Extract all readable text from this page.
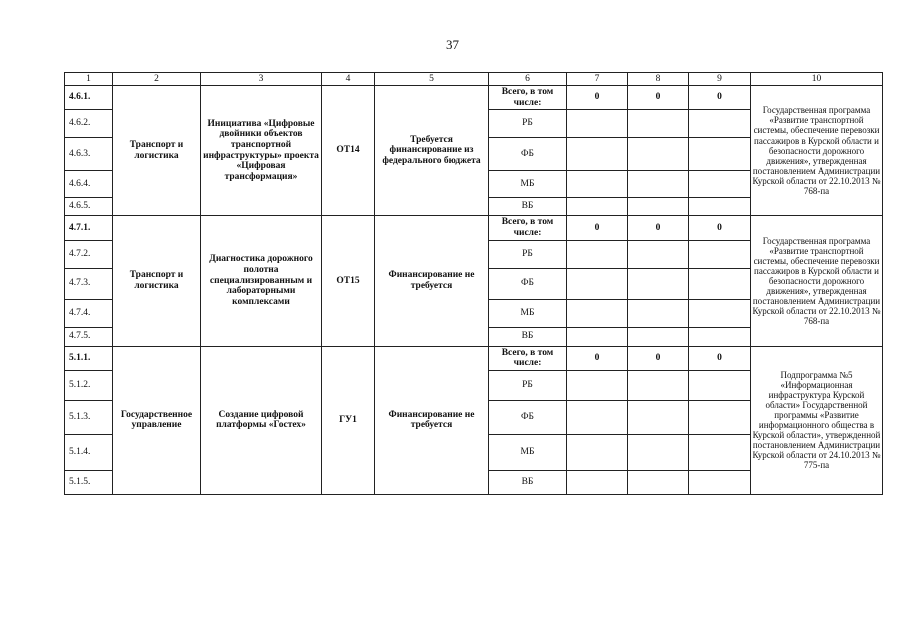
37
1	2	3	4	5	6	7	8	9	10
4.6.1.	Транспорт и логистика	Инициатива «Цифровые двойники объектов транспортной инфраструктуры» проекта «Цифровая трансформация»	ОТ14	Требуется финансирование из федерального бюджета	Всего, в том числе:	0	0	0	Государственная программа «Развитие транспортной системы, обеспечение перевозки пассажиров в Курской области и безопасности дорожного движения», утвержденная постановлением Администрации Курской области от 22.10.2013 № 768-па
4.6.2.					РБ				
4.6.3.					ФБ				
4.6.4.					МБ				
4.6.5.					ВБ				
4.7.1.	Транспорт и логистика	Диагностика дорожного полотна специализированным и лабораторными комплексами	ОТ15	Финансирование не требуется	Всего, в том числе:	0	0	0	Государственная программа «Развитие транспортной системы, обеспечение перевозки пассажиров в Курской области и безопасности дорожного движения», утвержденная постановлением Администрации Курской области от 22.10.2013 № 768-па
4.7.2.					РБ				
4.7.3.					ФБ				
4.7.4.					МБ				
4.7.5.					ВБ				
5.1.1.	Государственное управление	Создание цифровой платформы «Гостех»	ГУ1	Финансирование не требуется	Всего, в том числе:	0	0	0	Подпрограмма №5 «Информационная инфраструктура Курской области» Государственной программы «Развитие информационного общества в Курской области», утвержденной постановлением Администрации Курской области от 24.10.2013 № 775-па
5.1.2.					РБ				
5.1.3.					ФБ				
5.1.4.					МБ				
5.1.5.					ВБ				
